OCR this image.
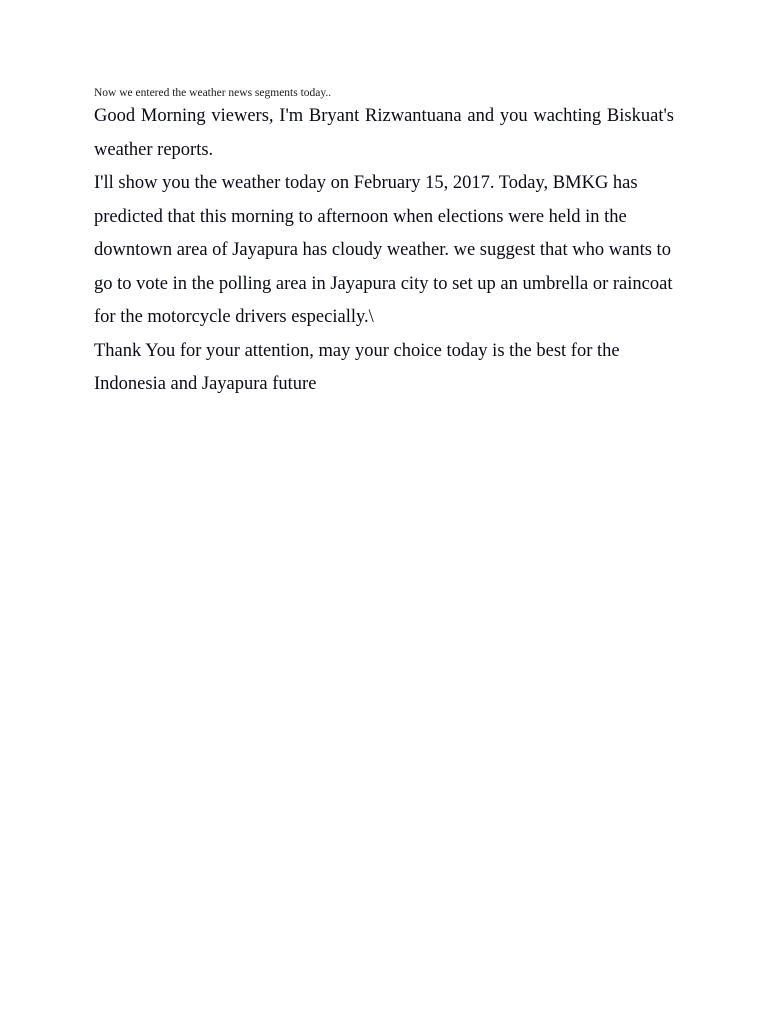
Now we entered the weather news segments today..

Good Morning viewers, I'm Bryant Rizwantuana and you wachting Biskuat's weather reports.

I'll show you the weather today on February 15, 2017. Today, BMKG has predicted that this morning to afternoon when elections were held in the downtown area of Jayapura has cloudy weather. we suggest that who wants to go to vote in the polling area in Jayapura city to set up an umbrella or raincoat for the motorcycle drivers especially.\

Thank You for your attention, may your choice today is the best for the Indonesia and Jayapura future
